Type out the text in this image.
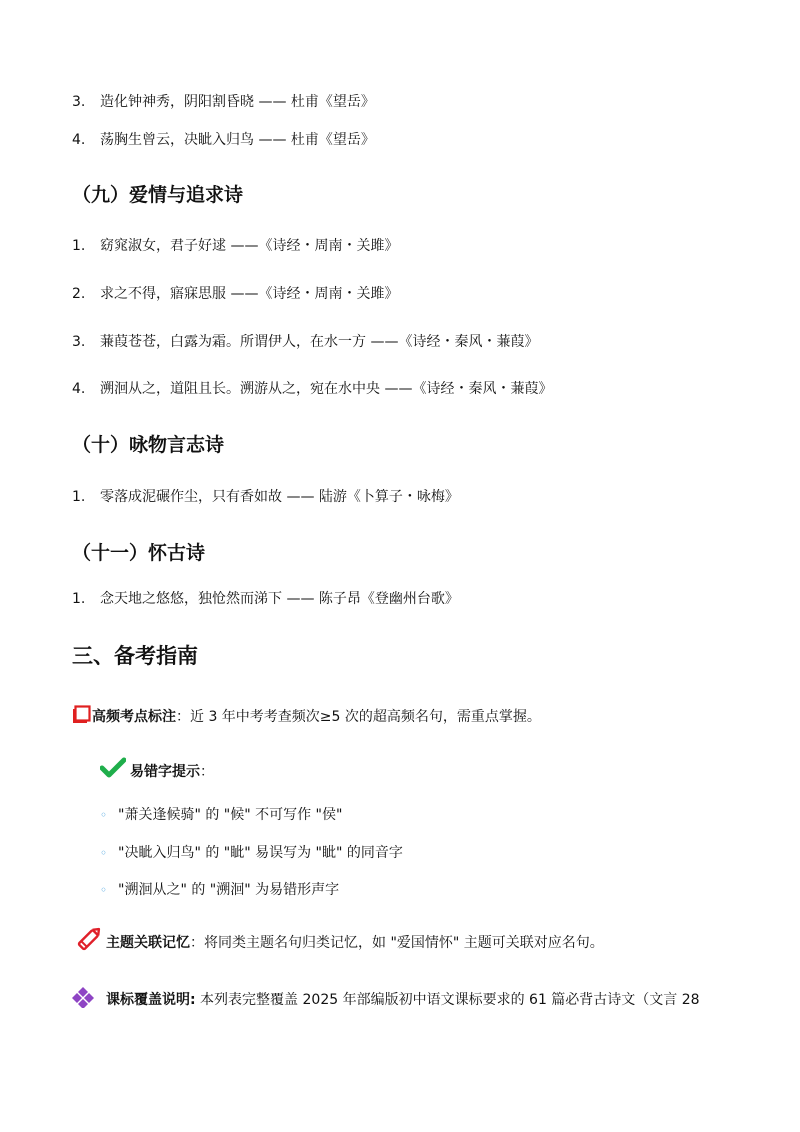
3. 造化钟神秀，阴阳割昏晓 —— 杜甫《望岳》
4. 荡胸生曾云，决眦入归鸟 —— 杜甫《望岳》
（九）爱情与追求诗
1. 窈窕淑女，君子好逑 ——《诗经・周南・关雎》
2. 求之不得，寤寐思服 ——《诗经・周南・关雎》
3. 蒹葭苍苍，白露为霜。所谓伊人，在水一方 ——《诗经・秦风・蒹葭》
4. 溯洄从之，道阻且长。溯游从之，宛在水中央 ——《诗经・秦风・蒹葭》
（十）咏物言志诗
1. 零落成泥碾作尘，只有香如故 —— 陆游《卜算子・咏梅》
（十一）怀古诗
1. 念天地之悠悠，独怆然而涕下 —— 陈子昂《登幽州台歌》
三、备考指南
高频考点标注：近 3 年中考考查频次≥5 次的超高频名句，需重点掌握。
易错字提示：
◦ "萧关逢候骑" 的 "候" 不可写作 "侯"
◦ "决眦入归鸟" 的 "眦" 易误写为 "眦" 的同音字
◦ "溯洄从之" 的 "溯洄" 为易错形声字
主题关联记忆：将同类主题名句归类记忆，如 "爱国情怀" 主题可关联对应名句。
课标覆盖说明: 本列表完整覆盖 2025 年部编版初中语文课标要求的 61 篇必背古诗文（文言 28
